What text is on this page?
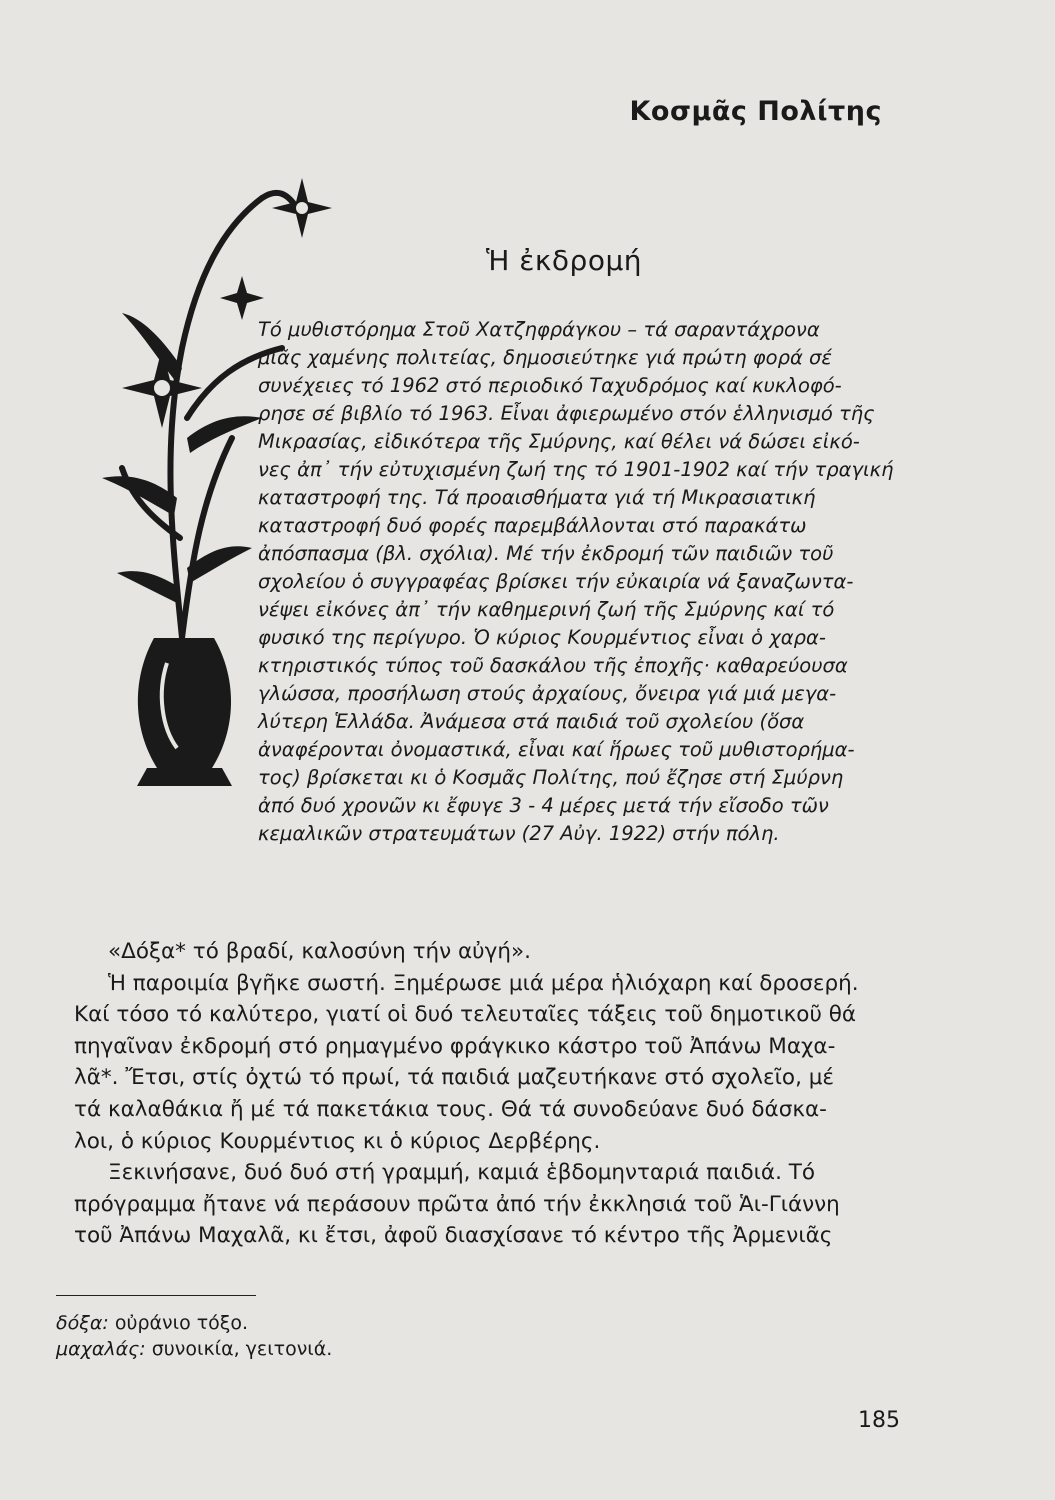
Κοσμᾶς Πολίτης
Ἡ ἐκδρομή
Τό μυθιστόρημα Στοῦ Χατζηφράγκου – τά σαραντάχρονα
μιᾶς χαμένης πολιτείας, δημοσιεύτηκε γιά πρώτη φορά σέ
συνέχειες τό 1962 στό περιοδικό Ταχυδρόμος καί κυκλοφό-
ρησε σέ βιβλίο τό 1963. Εἶναι ἀφιερωμένο στόν ἑλληνισμό τῆς
Μικρασίας, εἰδικότερα τῆς Σμύρνης, καί θέλει νά δώσει εἰκό-
νες ἀπ᾽ τήν εὐτυχισμένη ζωή της τό 1901-1902 καί τήν τραγική
καταστροφή της. Τά προαισθήματα γιά τή Μικρασιατική
καταστροφή δυό φορές παρεμβάλλονται στό παρακάτω
ἀπόσπασμα (βλ. σχόλια). Μέ τήν ἐκδρομή τῶν παιδιῶν τοῦ
σχολείου ὁ συγγραφέας βρίσκει τήν εὐκαιρία νά ξαναζωντα-
νέψει εἰκόνες ἀπ᾽ τήν καθημερινή ζωή τῆς Σμύρνης καί τό
φυσικό της περίγυρο. Ὁ κύριος Κουρμέντιος εἶναι ὁ χαρα-
κτηριστικός τύπος τοῦ δασκάλου τῆς ἐποχῆς· καθαρεύουσα
γλώσσα, προσήλωση στούς ἀρχαίους, ὄνειρα γιά μιά μεγα-
λύτερη Ἑλλάδα. Ἀνάμεσα στά παιδιά τοῦ σχολείου (ὅσα
ἀναφέρονται ὀνομαστικά, εἶναι καί ἥρωες τοῦ μυθιστορήμα-
τος) βρίσκεται κι ὁ Κοσμᾶς Πολίτης, πού ἔζησε στή Σμύρνη
ἀπό δυό χρονῶν κι ἔφυγε 3 - 4 μέρες μετά τήν εἴσοδο τῶν
κεμαλικῶν στρατευμάτων (27 Αὐγ. 1922) στήν πόλη.
«Δόξα* τό βραδί, καλοσύνη τήν αὐγή».
Ἡ παροιμία βγῆκε σωστή. Ξημέρωσε μιά μέρα ἡλιόχαρη καί δροσερή.
Καί τόσο τό καλύτερο, γιατί οἱ δυό τελευταῖες τάξεις τοῦ δημοτικοῦ θά
πηγαῖναν ἐκδρομή στό ρημαγμένο φράγκικο κάστρο τοῦ Ἀπάνω Μαχα-
λᾶ*. Ἔτσι, στίς ὀχτώ τό πρωί, τά παιδιά μαζευτήκανε στό σχολεῖο, μέ
τά καλαθάκια ἤ μέ τά πακετάκια τους. Θά τά συνοδεύανε δυό δάσκα-
λοι, ὁ κύριος Κουρμέντιος κι ὁ κύριος Δερβέρης.
Ξεκινήσανε, δυό δυό στή γραμμή, καμιά ἑβδομηνταριά παιδιά. Τό
πρόγραμμα ἤτανε νά περάσουν πρῶτα ἀπό τήν ἐκκλησιά τοῦ Ἁι-Γιάννη
τοῦ Ἀπάνω Μαχαλᾶ, κι ἔτσι, ἀφοῦ διασχίσανε τό κέντρο τῆς Ἀρμενιᾶς
δόξα: οὐράνιο τόξο.
μαχαλάς: συνοικία, γειτονιά.
185
